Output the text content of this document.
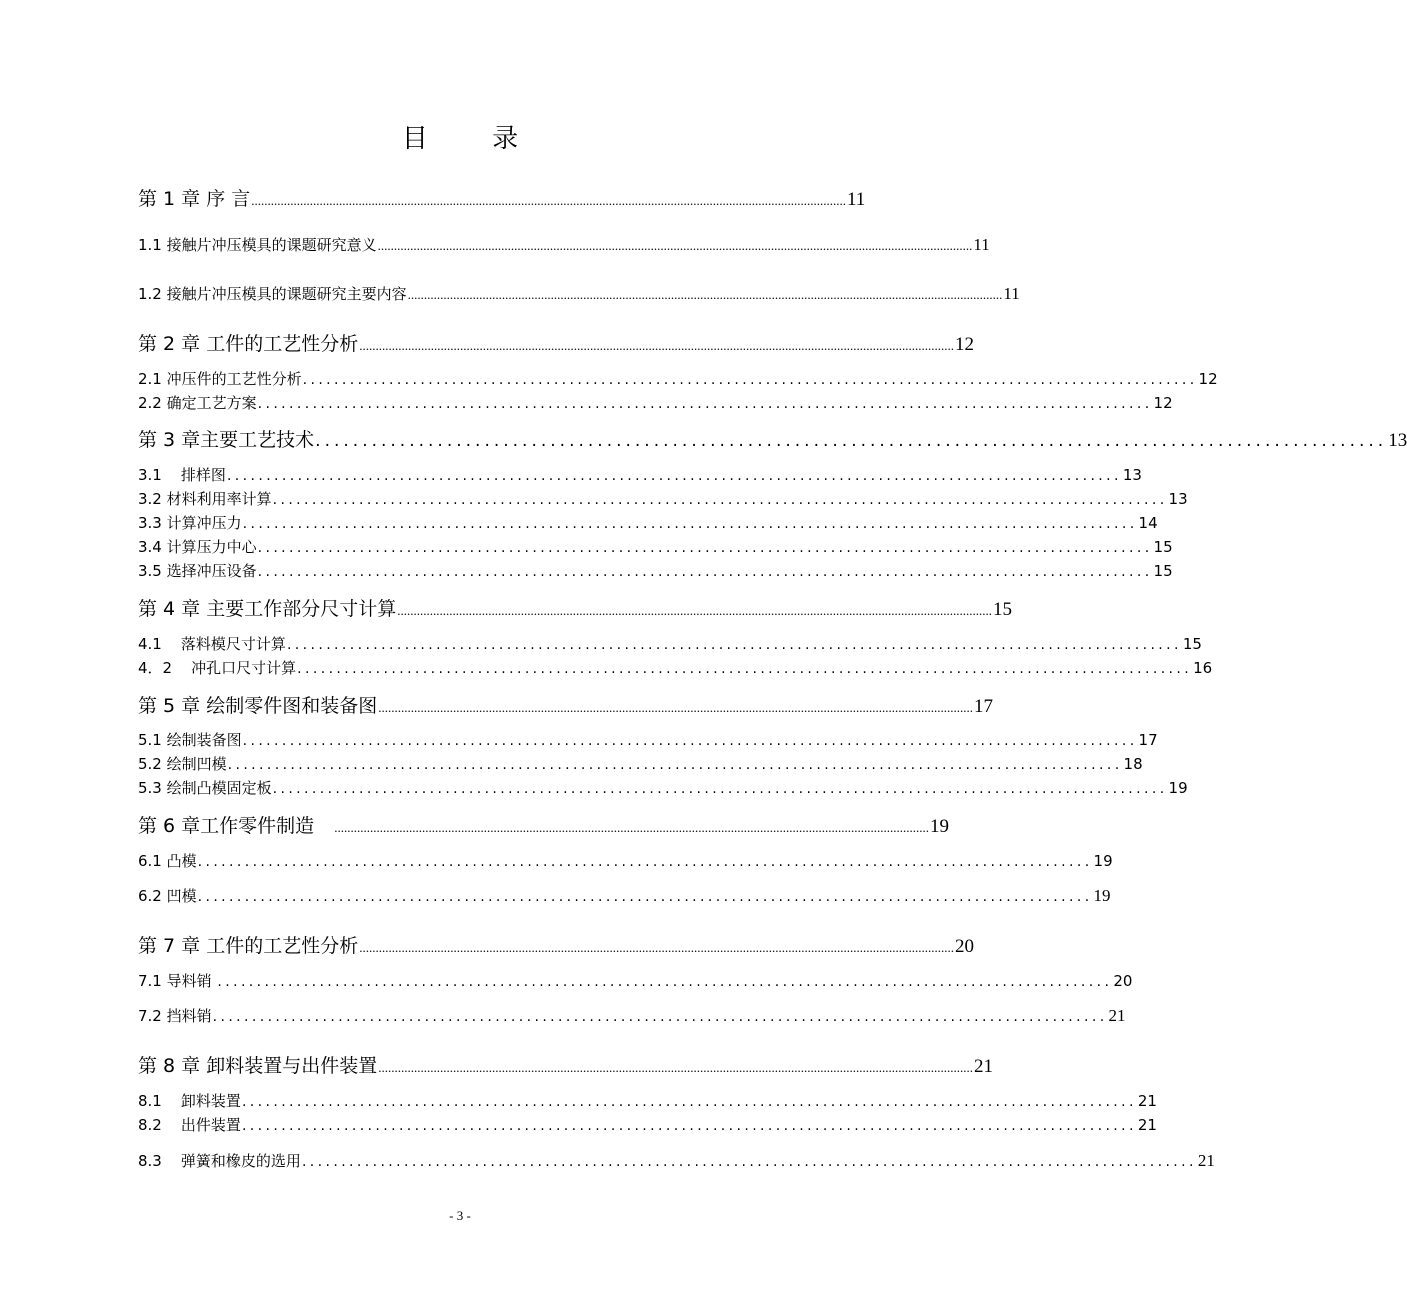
目 录
第 1 章 序 言 ....................................................................................................................................................................................... 11
1.1 接触片冲压模具的课题研究意义 ....................................................................................................................................................................................... 11
1.2 接触片冲压模具的课题研究主要内容 ....................................................................................................................................................................................... 11
第 2 章 工件的工艺性分析 ....................................................................................................................................................................................... 12
2.1 冲压件的工艺性分析 .................................................................................................................. 12
2.2 确定工艺方案 .................................................................................................................. 12
第 3 章主要工艺技术 .................................................................................................................. 13
3.1    排样图 .................................................................................................................. 13
3.2 材料利用率计算 .................................................................................................................. 13
3.3 计算冲压力 .................................................................................................................. 14
3.4 计算压力中心 .................................................................................................................. 15
3.5 选择冲压设备 .................................................................................................................. 15
第 4 章 主要工作部分尺寸计算 ....................................................................................................................................................................................... 15
4.1    落料模尺寸计算 .................................................................................................................. 15
4．2    冲孔口尺寸计算 .................................................................................................................. 16
第 5 章 绘制零件图和装备图 ....................................................................................................................................................................................... 17
5.1 绘制装备图 .................................................................................................................. 17
5.2 绘制凹模 .................................................................................................................. 18
5.3 绘制凸模固定板 .................................................................................................................. 19
第 6 章工作零件制造 ....................................................................................................................................................................................... 19
6.1 凸模 .................................................................................................................. 19
6.2 凹模 .................................................................................................................. 19
第 7 章 工件的工艺性分析 ....................................................................................................................................................................................... 20
7.1 导料销 .................................................................................................................. 20
7.2 挡料销 .................................................................................................................. 21
第 8 章 卸料装置与出件装置 ....................................................................................................................................................................................... 21
8.1    卸料装置 .................................................................................................................. 21
8.2    出件装置 .................................................................................................................. 21
8.3    弹簧和橡皮的选用 .................................................................................................................. 21
- 3 -
